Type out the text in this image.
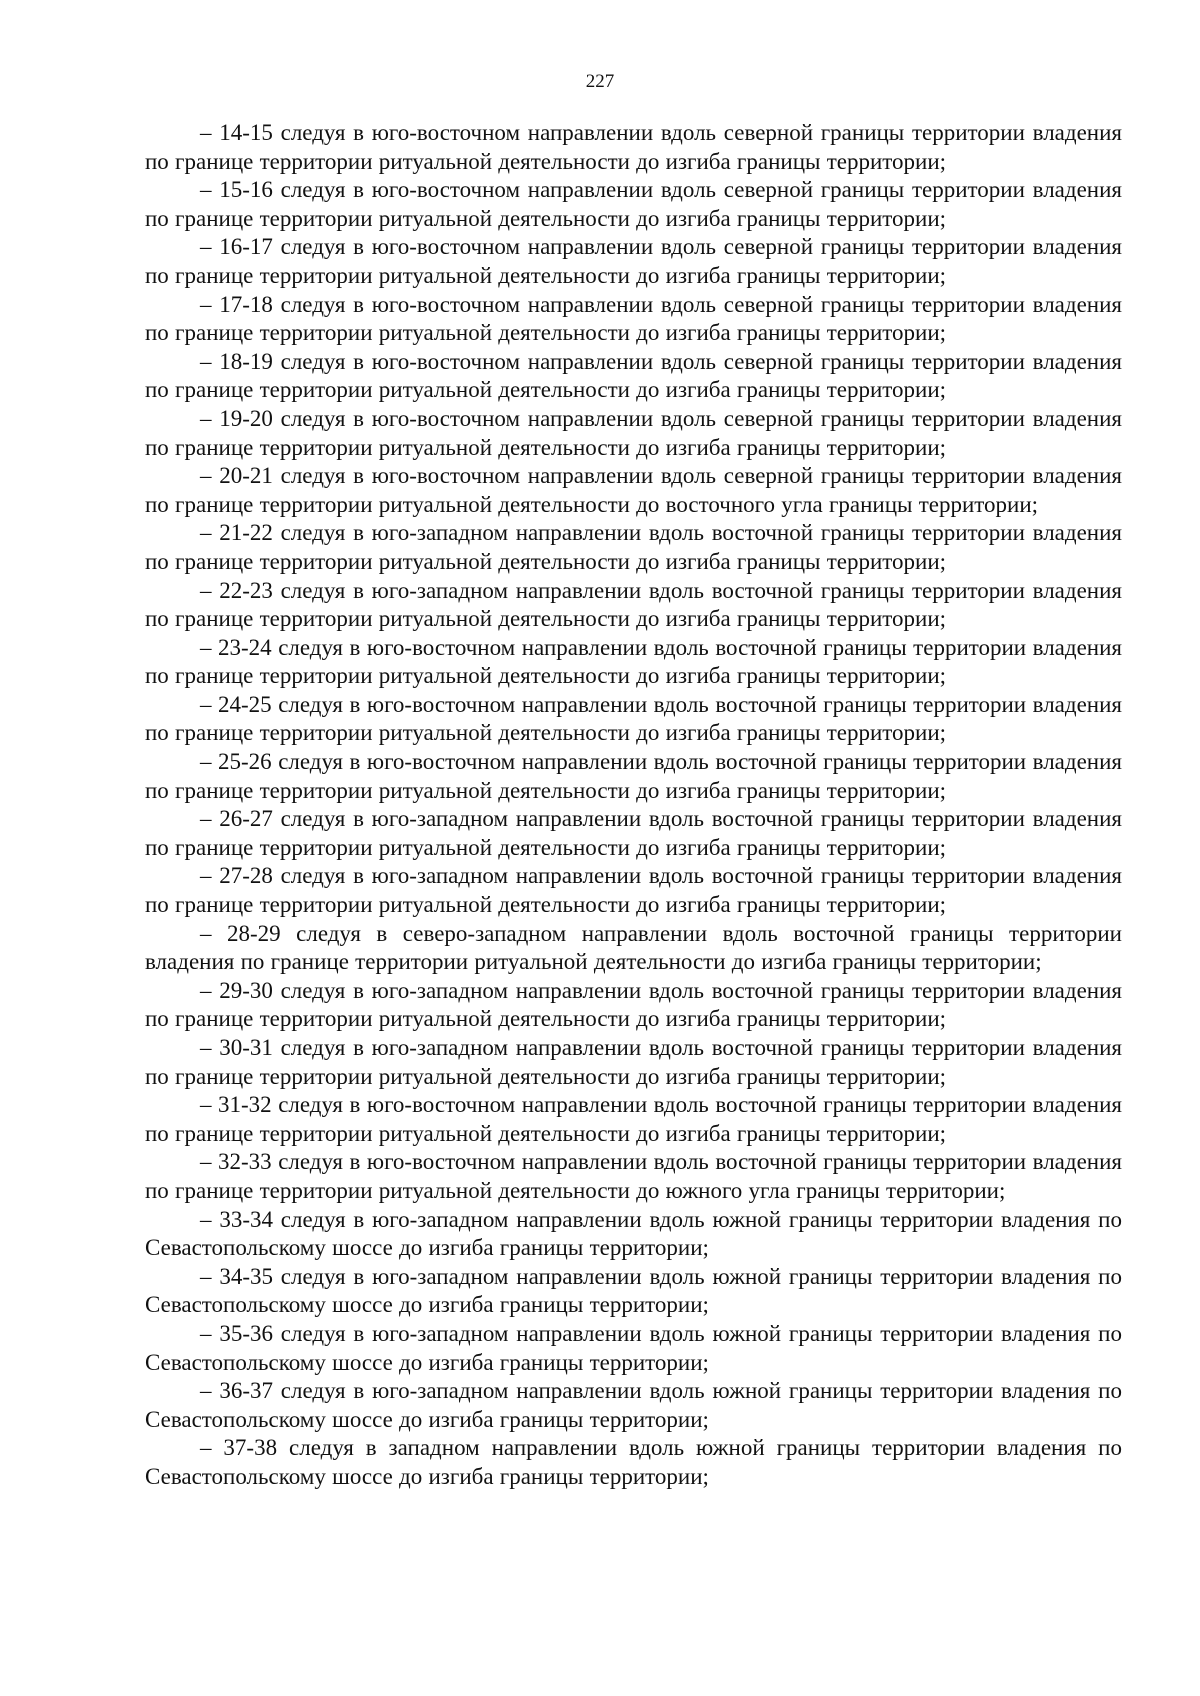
227

– 14-15 следуя в юго-восточном направлении вдоль северной границы территории владения по границе территории ритуальной деятельности до изгиба границы территории;

– 15-16 следуя в юго-восточном направлении вдоль северной границы территории владения по границе территории ритуальной деятельности до изгиба границы территории;

– 16-17 следуя в юго-восточном направлении вдоль северной границы территории владения по границе территории ритуальной деятельности до изгиба границы территории;

– 17-18 следуя в юго-восточном направлении вдоль северной границы территории владения по границе территории ритуальной деятельности до изгиба границы территории;

– 18-19 следуя в юго-восточном направлении вдоль северной границы территории владения по границе территории ритуальной деятельности до изгиба границы территории;

– 19-20 следуя в юго-восточном направлении вдоль северной границы территории владения по границе территории ритуальной деятельности до изгиба границы территории;

– 20-21 следуя в юго-восточном направлении вдоль северной границы территории владения по границе территории ритуальной деятельности до восточного угла границы территории;

– 21-22 следуя в юго-западном направлении вдоль восточной границы территории владения по границе территории ритуальной деятельности до изгиба границы территории;

– 22-23 следуя в юго-западном направлении вдоль восточной границы территории владения по границе территории ритуальной деятельности до изгиба границы территории;

– 23-24 следуя в юго-восточном направлении вдоль восточной границы территории владения по границе территории ритуальной деятельности до изгиба границы территории;

– 24-25 следуя в юго-восточном направлении вдоль восточной границы территории владения по границе территории ритуальной деятельности до изгиба границы территории;

– 25-26 следуя в юго-восточном направлении вдоль восточной границы территории владения по границе территории ритуальной деятельности до изгиба границы территории;

– 26-27 следуя в юго-западном направлении вдоль восточной границы территории владения по границе территории ритуальной деятельности до изгиба границы территории;

– 27-28 следуя в юго-западном направлении вдоль восточной границы территории владения по границе территории ритуальной деятельности до изгиба границы территории;

– 28-29 следуя в северо-западном направлении вдоль восточной границы территории владения по границе территории ритуальной деятельности до изгиба границы территории;

– 29-30 следуя в юго-западном направлении вдоль восточной границы территории владения по границе территории ритуальной деятельности до изгиба границы территории;

– 30-31 следуя в юго-западном направлении вдоль восточной границы территории владения по границе территории ритуальной деятельности до изгиба границы территории;

– 31-32 следуя в юго-восточном направлении вдоль восточной границы территории владения по границе территории ритуальной деятельности до изгиба границы территории;

– 32-33 следуя в юго-восточном направлении вдоль восточной границы территории владения по границе территории ритуальной деятельности до южного угла границы территории;

– 33-34 следуя в юго-западном направлении вдоль южной границы территории владения по Севастопольскому шоссе до изгиба границы территории;

– 34-35 следуя в юго-западном направлении вдоль южной границы территории владения по Севастопольскому шоссе до изгиба границы территории;

– 35-36 следуя в юго-западном направлении вдоль южной границы территории владения по Севастопольскому шоссе до изгиба границы территории;

– 36-37 следуя в юго-западном направлении вдоль южной границы территории владения по Севастопольскому шоссе до изгиба границы территории;

– 37-38 следуя в западном направлении вдоль южной границы территории владения по Севастопольскому шоссе до изгиба границы территории;
